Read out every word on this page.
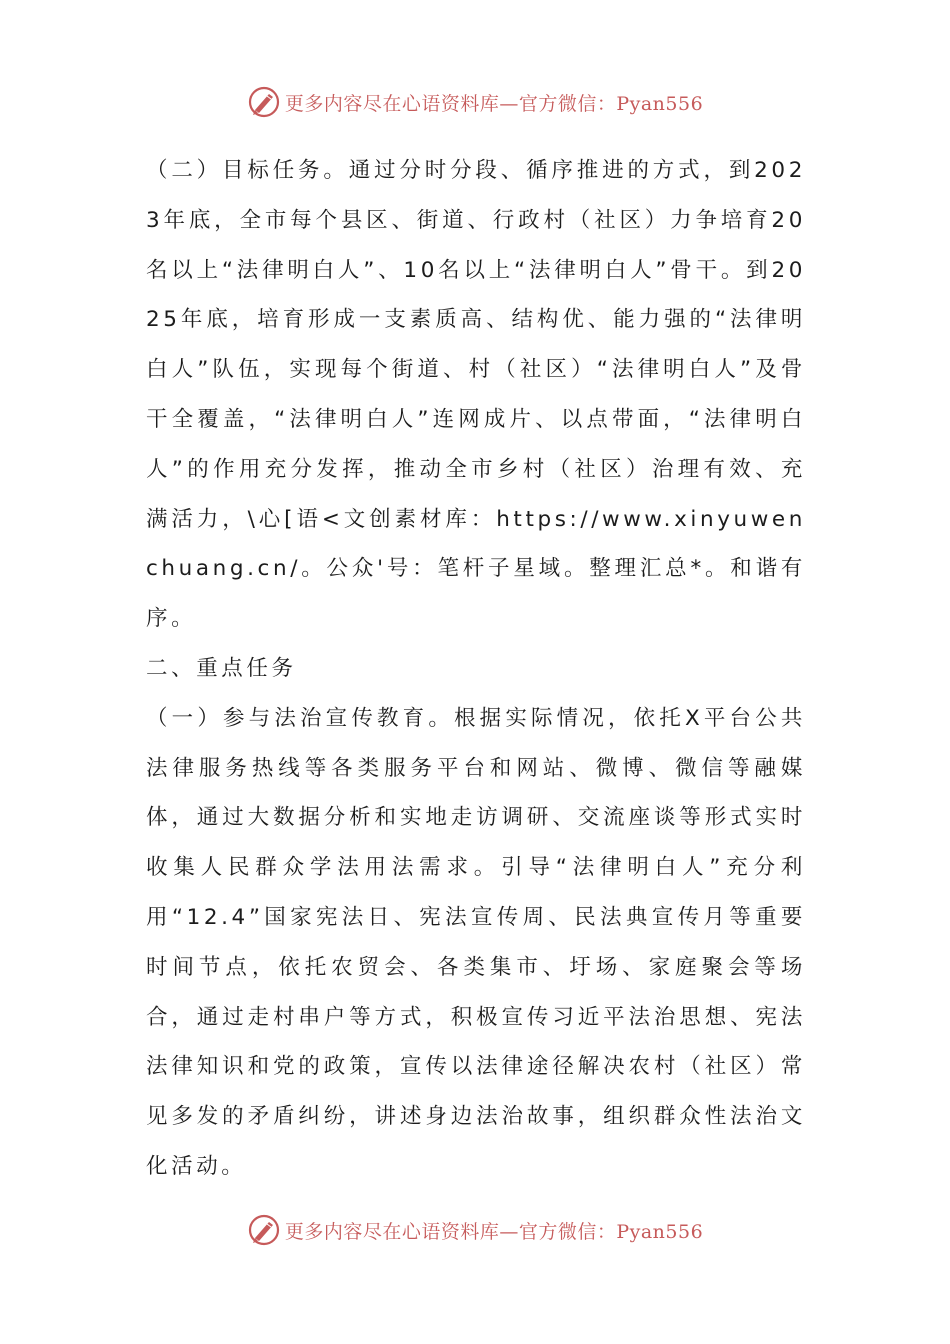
更多内容尽在心语资料库—官方微信：Pyan556

（二）目标任务。通过分时分段、循序推进的方式，到2023年底，全市每个县区、街道、行政村（社区）力争培育20名以上“法律明白人”、10名以上“法律明白人”骨干。到2025年底，培育形成一支素质高、结构优、能力强的“法律明白人”队伍，实现每个街道、村（社区）“法律明白人”及骨干全覆盖，“法律明白人”连网成片、以点带面，“法律明白人”的作用充分发挥，推动全市乡村（社区）治理有效、充满活力，\心[语<文创素材库：https://www.xinyuwenchuang.cn/。公众'号：笔杆子星域。整理汇总*。和谐有序。

二、重点任务

（一）参与法治宣传教育。根据实际情况，依托X平台公共法律服务热线等各类服务平台和网站、微博、微信等融媒体，通过大数据分析和实地走访调研、交流座谈等形式实时收集人民群众学法用法需求。引导“法律明白人”充分利用“12.4”国家宪法日、宪法宣传周、民法典宣传月等重要时间节点，依托农贸会、各类集市、圩场、家庭聚会等场合，通过走村串户等方式，积极宣传习近平法治思想、宪法法律知识和党的政策，宣传以法律途径解决农村（社区）常见多发的矛盾纠纷，讲述身边法治故事，组织群众性法治文化活动。

更多内容尽在心语资料库—官方微信：Pyan556
